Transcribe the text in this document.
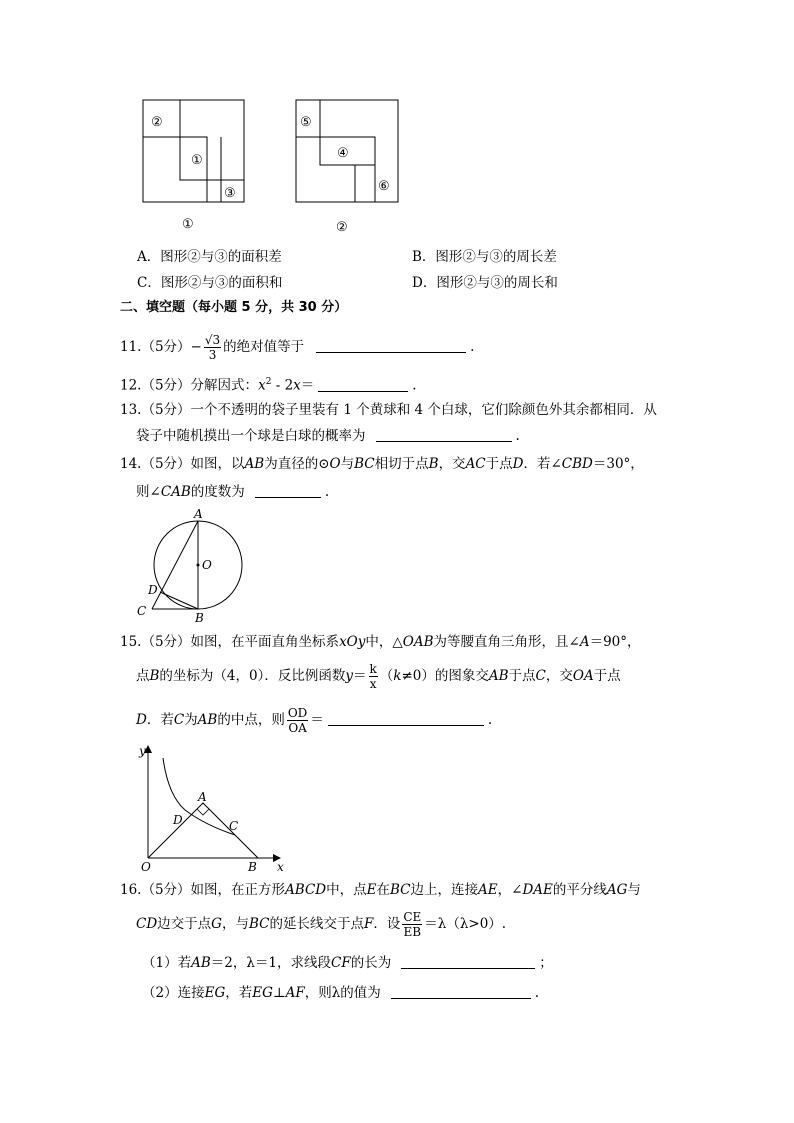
②
①
③
①
⑤
④
⑥
②
A．图形②与③的面积差	B．图形②与③的周长差
C．图形②与③的面积和	D．图形②与③的周长和
二、填空题（每小题 5 分，共 30 分）
11.（5分）− $\frac{√3}{3}$ 的绝对值等于	.
12.（5分）分解因式：$x^2 - 2x=$	.
13.（5分）一个不透明的袋子里装有 1 个黄球和 4 个白球，它们除颜色外其余都相同．从
袋子中随机摸出一个球是白球的概率为	.
14.（5分）如图，以AB为直径的⊙O与BC相切于点B，交AC于点D．若∠CBD＝30°，
则∠CAB的度数为	.
A
O
D
C	B
15.（5分）如图，在平面直角坐标系xOy中，△OAB为等腰直角三角形，且∠A＝90°，
点B的坐标为（4，0）．反比例函数$y= \frac{k}{x} (k\ne 0)$的图象交AB于点C，交OA于点
D．若C为AB的中点，则 $\frac{OD}{OA}$ ＝	.
y
x
O
A
D	C
B
16.（5分）如图，在正方形ABCD中，点E在BC边上，连接AE，∠DAE的平分线AG与
CD边交于点G，与BC的延长线交于点F．设 $\frac{CE}{EB} =\lambda(\lambda>0)$.
（1）若AB＝2，λ＝1，求线段CF的长为	；
（2）连接EG，若EG⊥AF，则λ的值为	.
